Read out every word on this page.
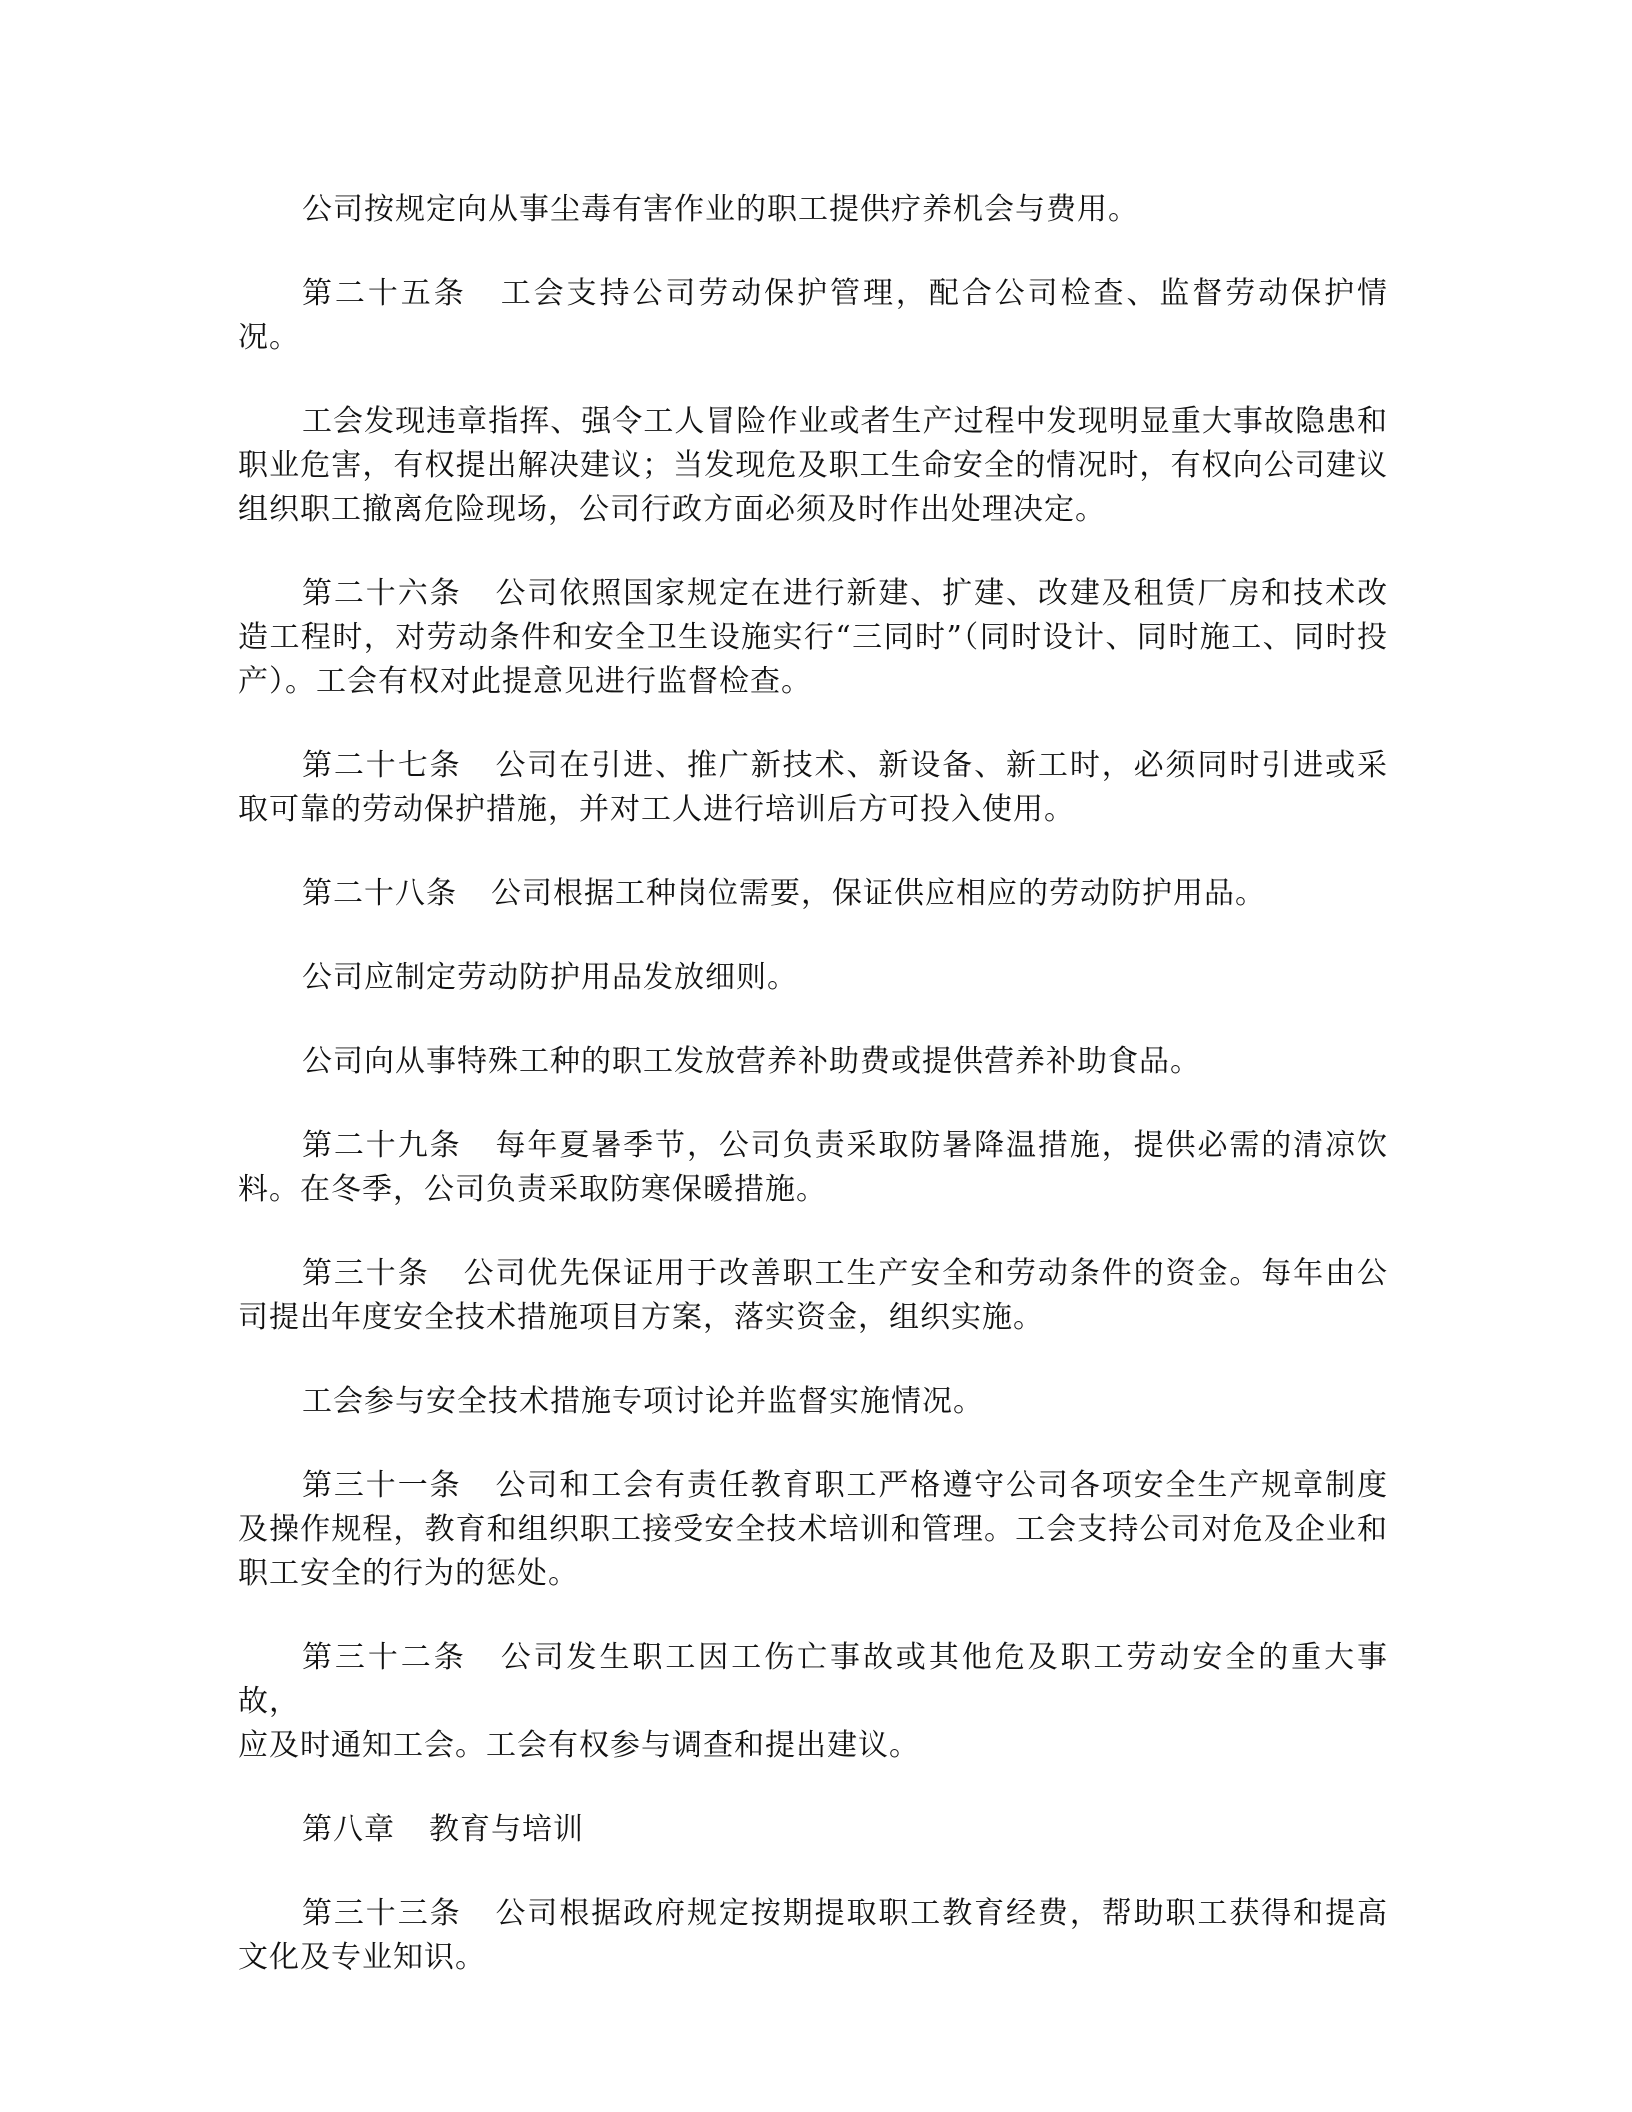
公司按规定向从事尘毒有害作业的职工提供疗养机会与费用。

第二十五条 工会支持公司劳动保护管理，配合公司检查、监督劳动保护情况。

工会发现违章指挥、强令工人冒险作业或者生产过程中发现明显重大事故隐患和职业危害，有权提出解决建议；当发现危及职工生命安全的情况时，有权向公司建议组织职工撤离危险现场，公司行政方面必须及时作出处理决定。

第二十六条 公司依照国家规定在进行新建、扩建、改建及租赁厂房和技术改造工程时，对劳动条件和安全卫生设施实行“三同时”（同时设计、同时施工、同时投产）。工会有权对此提意见进行监督检查。

第二十七条 公司在引进、推广新技术、新设备、新工时，必须同时引进或采取可靠的劳动保护措施，并对工人进行培训后方可投入使用。

第二十八条 公司根据工种岗位需要，保证供应相应的劳动防护用品。

公司应制定劳动防护用品发放细则。

公司向从事特殊工种的职工发放营养补助费或提供营养补助食品。

第二十九条 每年夏暑季节，公司负责采取防暑降温措施，提供必需的清凉饮料。在冬季，公司负责采取防寒保暖措施。

第三十条 公司优先保证用于改善职工生产安全和劳动条件的资金。每年由公司提出年度安全技术措施项目方案，落实资金，组织实施。

工会参与安全技术措施专项讨论并监督实施情况。

第三十一条 公司和工会有责任教育职工严格遵守公司各项安全生产规章制度及操作规程，教育和组织职工接受安全技术培训和管理。工会支持公司对危及企业和职工安全的行为的惩处。

第三十二条 公司发生职工因工伤亡事故或其他危及职工劳动安全的重大事故，
应及时通知工会。工会有权参与调查和提出建议。

第八章 教育与培训

第三十三条 公司根据政府规定按期提取职工教育经费，帮助职工获得和提高文化及专业知识。
